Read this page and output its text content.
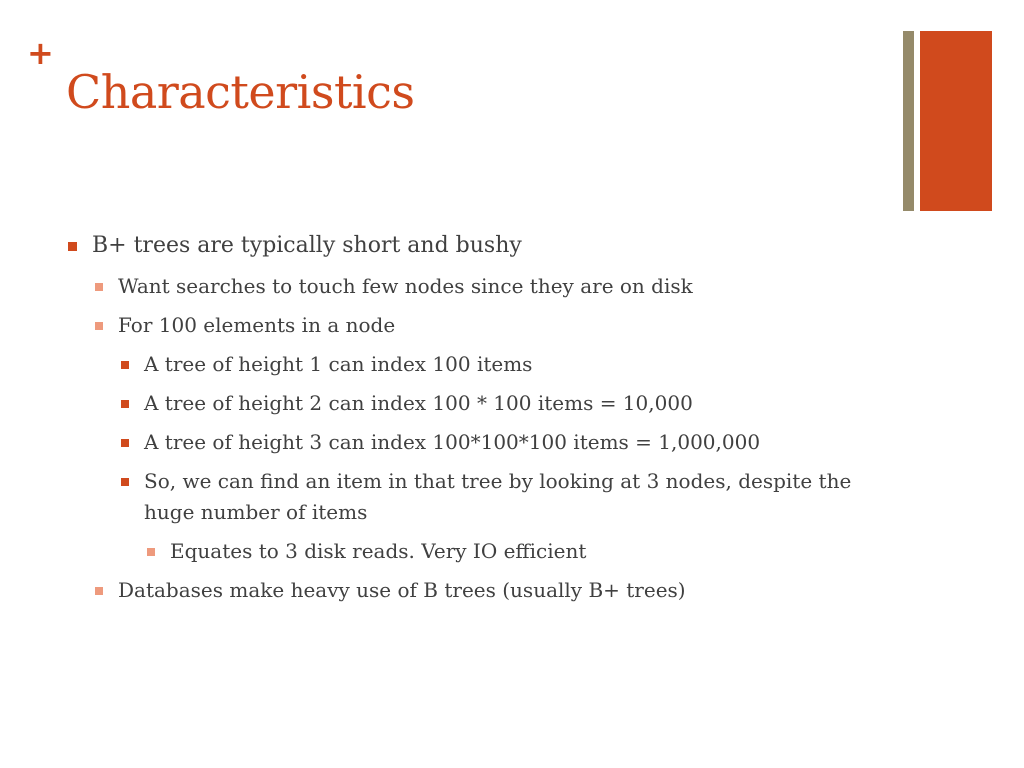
+
Characteristics
B+ trees are typically short and bushy
Want searches to touch few nodes since they are on disk
For 100 elements in a node
A tree of height 1 can index 100 items
A tree of height 2 can index 100 * 100 items = 10,000
A tree of height 3 can index 100*100*100 items = 1,000,000
So, we can find an item in that tree by looking at 3 nodes, despite the huge number of items
Equates to 3 disk reads. Very IO efficient
Databases make heavy use of B trees (usually B+ trees)
